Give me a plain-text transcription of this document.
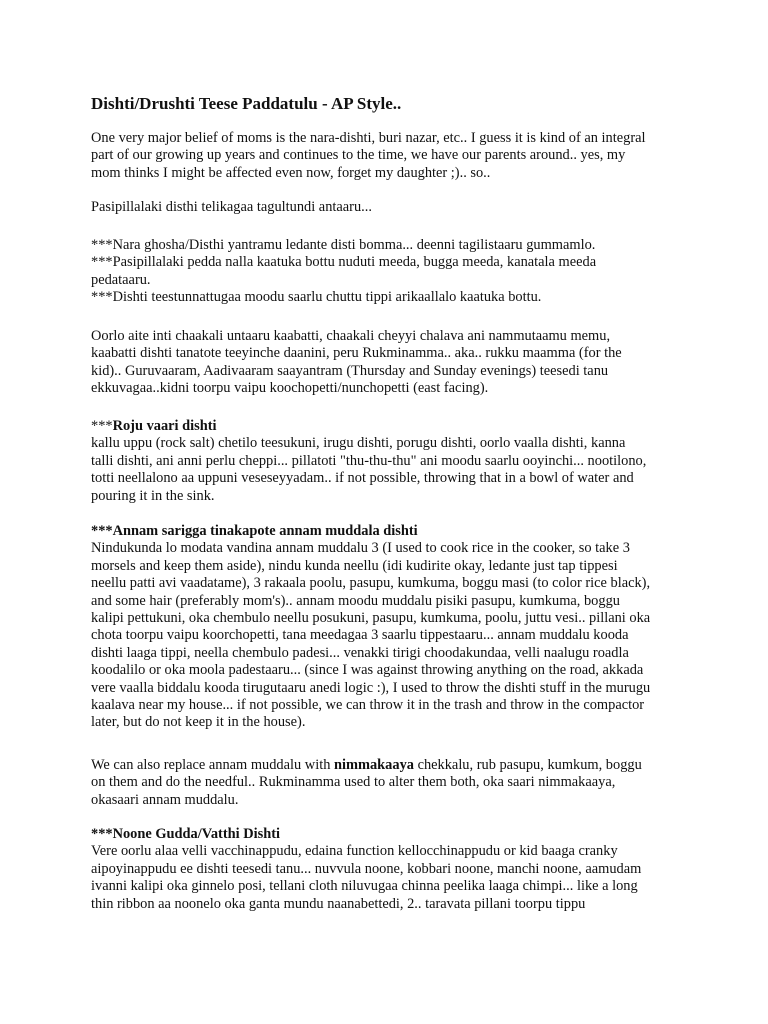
Dishti/Drushti Teese Paddatulu - AP Style..

One very major belief of moms is the nara-dishti, buri nazar, etc.. I guess it is kind of an integral
part of our growing up years and continues to the time, we have our parents around.. yes, my
mom thinks I might be affected even now, forget my daughter ;).. so..

Pasipillalaki disthi telikagaa tagultundi antaaru...

***Nara ghosha/Disthi yantramu ledante disti bomma... deenni tagilistaaru gummamlo.
***Pasipillalaki pedda nalla kaatuka bottu nuduti meeda, bugga meeda, kanatala meeda
pedataaru.
***Dishti teestunnattugaa moodu saarlu chuttu tippi arikaallalo kaatuka bottu.

Oorlo aite inti chaakali untaaru kaabatti, chaakali cheyyi chalava ani nammutaamu memu,
kaabatti dishti tanatote teeyinche daanini, peru Rukminamma.. aka.. rukku maamma (for the
kid).. Guruvaaram, Aadivaaram saayantram (Thursday and Sunday evenings) teesedi tanu
ekkuvagaa..kidni toorpu vaipu koochopetti/nunchopetti (east facing).

***Roju vaari dishti
kallu uppu (rock salt) chetilo teesukuni, irugu dishti, porugu dishti, oorlo vaalla dishti, kanna
talli dishti, ani anni perlu cheppi... pillatoti "thu-thu-thu" ani moodu saarlu ooyinchi... nootilono,
totti neellalono aa uppuni veseseyyadam.. if not possible, throwing that in a bowl of water and
pouring it in the sink.

***Annam sarigga tinakapote annam muddala dishti
Nindukunda lo modata vandina annam muddalu 3 (I used to cook rice in the cooker, so take 3
morsels and keep them aside), nindu kunda neellu (idi kudirite okay, ledante just tap tippesi
neellu patti avi vaadatame), 3 rakaala poolu, pasupu, kumkuma, boggu masi (to color rice black),
and some hair (preferably mom's).. annam moodu muddalu pisiki pasupu, kumkuma, boggu
kalipi pettukuni, oka chembulo neellu posukuni, pasupu, kumkuma, poolu, juttu vesi.. pillani oka
chota toorpu vaipu koorchopetti, tana meedagaa 3 saarlu tippestaaru... annam muddalu kooda
dishti laaga tippi, neella chembulo padesi... venakki tirigi choodakundaa, velli naalugu roadla
koodalilo or oka moola padestaaru... (since I was against throwing anything on the road, akkada
vere vaalla biddalu kooda tirugutaaru anedi logic :), I used to throw the dishti stuff in the murugu
kaalava near my house... if not possible, we can throw it in the trash and throw in the compactor
later, but do not keep it in the house).

We can also replace annam muddalu with nimmakaaya chekkalu, rub pasupu, kumkum, boggu
on them and do the needful.. Rukminamma used to alter them both, oka saari nimmakaaya,
okasaari annam muddalu.

***Noone Gudda/Vatthi Dishti
Vere oorlu alaa velli vacchinappudu, edaina function kellocchinappudu or kid baaga cranky
aipoyinappudu ee dishti teesedi tanu... nuvvula noone, kobbari noone, manchi noone, aamudam
ivanni kalipi oka ginnelo posi, tellani cloth niluvugaa chinna peelika laaga chimpi... like a long
thin ribbon aa noonelo oka ganta mundu naanabettedi, 2.. taravata pillani toorpu tippu
